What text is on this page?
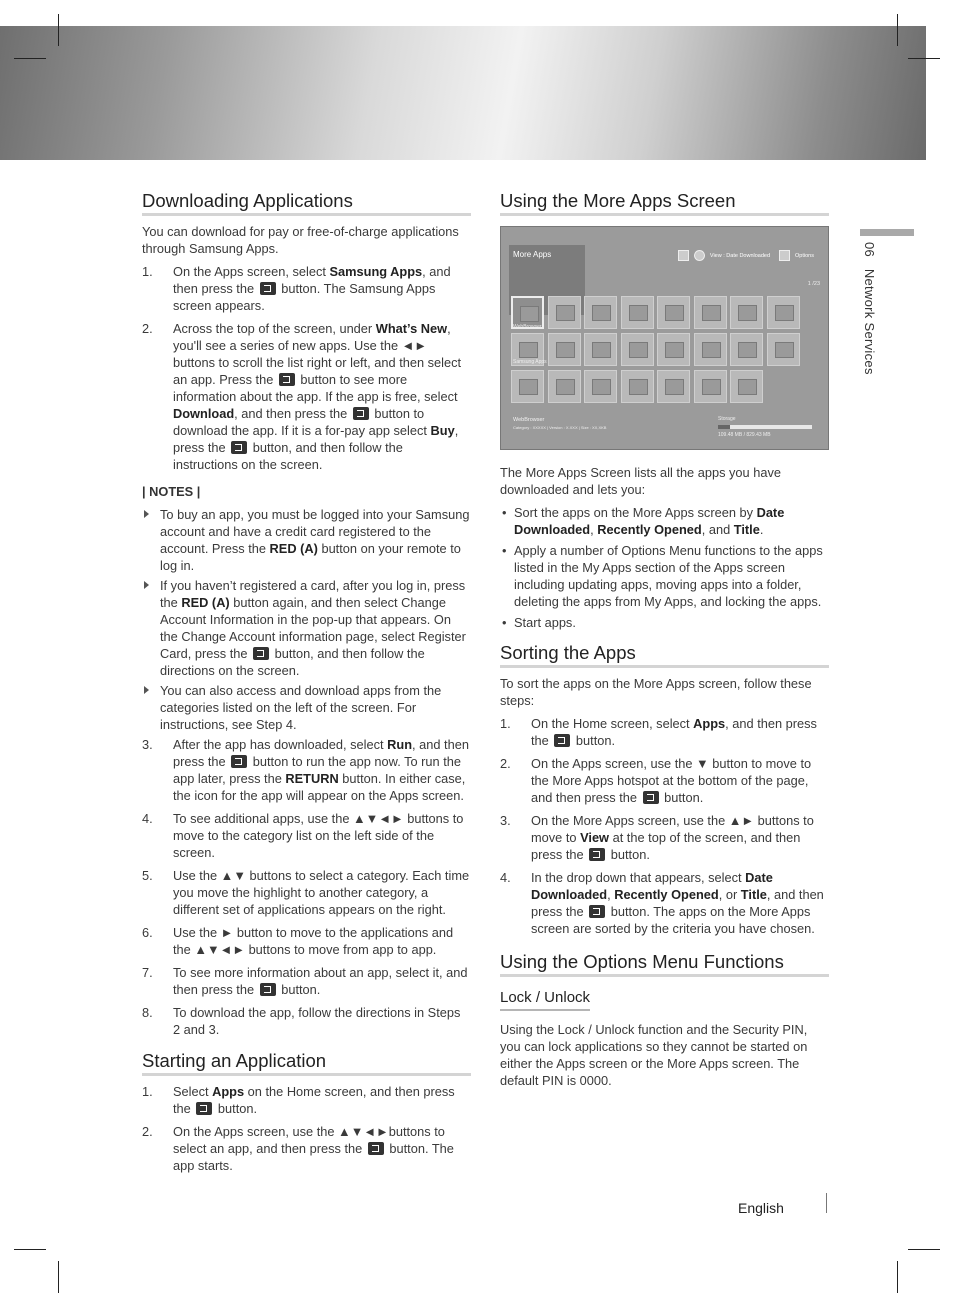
Downloading Applications

You can download for pay or free-of-charge applications through Samsung Apps.

1. On the Apps screen, select Samsung Apps, and then press the  button. The Samsung Apps screen appears.
2. Across the top of the screen, under What’s New, you'll see a series of new apps. Use the ◄► buttons to scroll the list right or left, and then select an app. Press the  button to see more information about the app. If the app is free, select Download, and then press the  button to download the app. If it is a for-pay app select Buy, press the  button, and then follow the instructions on the screen.
| NOTES |
To buy an app, you must be logged into your Samsung account and have a credit card registered to the account. Press the RED (A) button on your remote to log in.
If you haven’t registered a card, after you log in, press the RED (A) button again, and then select Change Account Information in the pop-up that appears. On the Change Account information page, select Register Card, press the  button, and then follow the directions on the screen.
You can also access and download apps from the categories listed on the left of the screen. For instructions, see Step 4.
3. After the app has downloaded, select Run, and then press the  button to run the app now. To run the app later, press the RETURN button. In either case, the icon for the app will appear on the Apps screen.
4. To see additional apps, use the ▲▼◄► buttons to move to the category list on the left side of the screen.
5. Use the ▲▼ buttons to select a category. Each time you move the highlight to another category, a different set of applications appears on the right.
6. Use the ► button to move to the applications and the ▲▼◄► buttons to move from app to app.
7. To see more information about an app, select it, and then press the  button.
8. To download the app, follow the directions in Steps 2 and 3.
Starting an Application
1. Select Apps on the Home screen, and then press the  button.
2. On the Apps screen, use the ▲▼◄►buttons to select an app, and then press the  button. The app starts.
Using the More Apps Screen
More Apps	View : Date Downloaded	Options
1 /23
WebBrowser
Samsung Apps
WebBrowser
Category : XXXXX | Version : X.XXX | Size : XX,XKB
Storage
109.48 MB / 829.43 MB

The More Apps Screen lists all the apps you have downloaded and lets you:

• Sort the apps on the More Apps screen by Date Downloaded, Recently Opened, and Title.
• Apply a number of Options Menu functions to the apps listed in the My Apps section of the Apps screen including updating apps, moving apps into a folder, deleting the apps from My Apps, and locking the apps.
• Start apps.
Sorting the Apps

To sort the apps on the More Apps screen, follow these steps:

1. On the Home screen, select Apps, and then press the  button.
2. On the Apps screen, use the ▼ button to move to the More Apps hotspot at the bottom of the page, and then press the  button.
3. On the More Apps screen, use the ▲► buttons to move to View at the top of the screen, and then press the  button.
4. In the drop down that appears, select Date Downloaded, Recently Opened, or Title, and then press the  button. The apps on the More Apps screen are sorted by the criteria you have chosen.
Using the Options Menu Functions
Lock / Unlock

Using the Lock / Unlock function and the Security PIN, you can lock applications so they cannot be started on either the Apps screen or the More Apps screen. The default PIN is 0000.

06   Network Services
English
